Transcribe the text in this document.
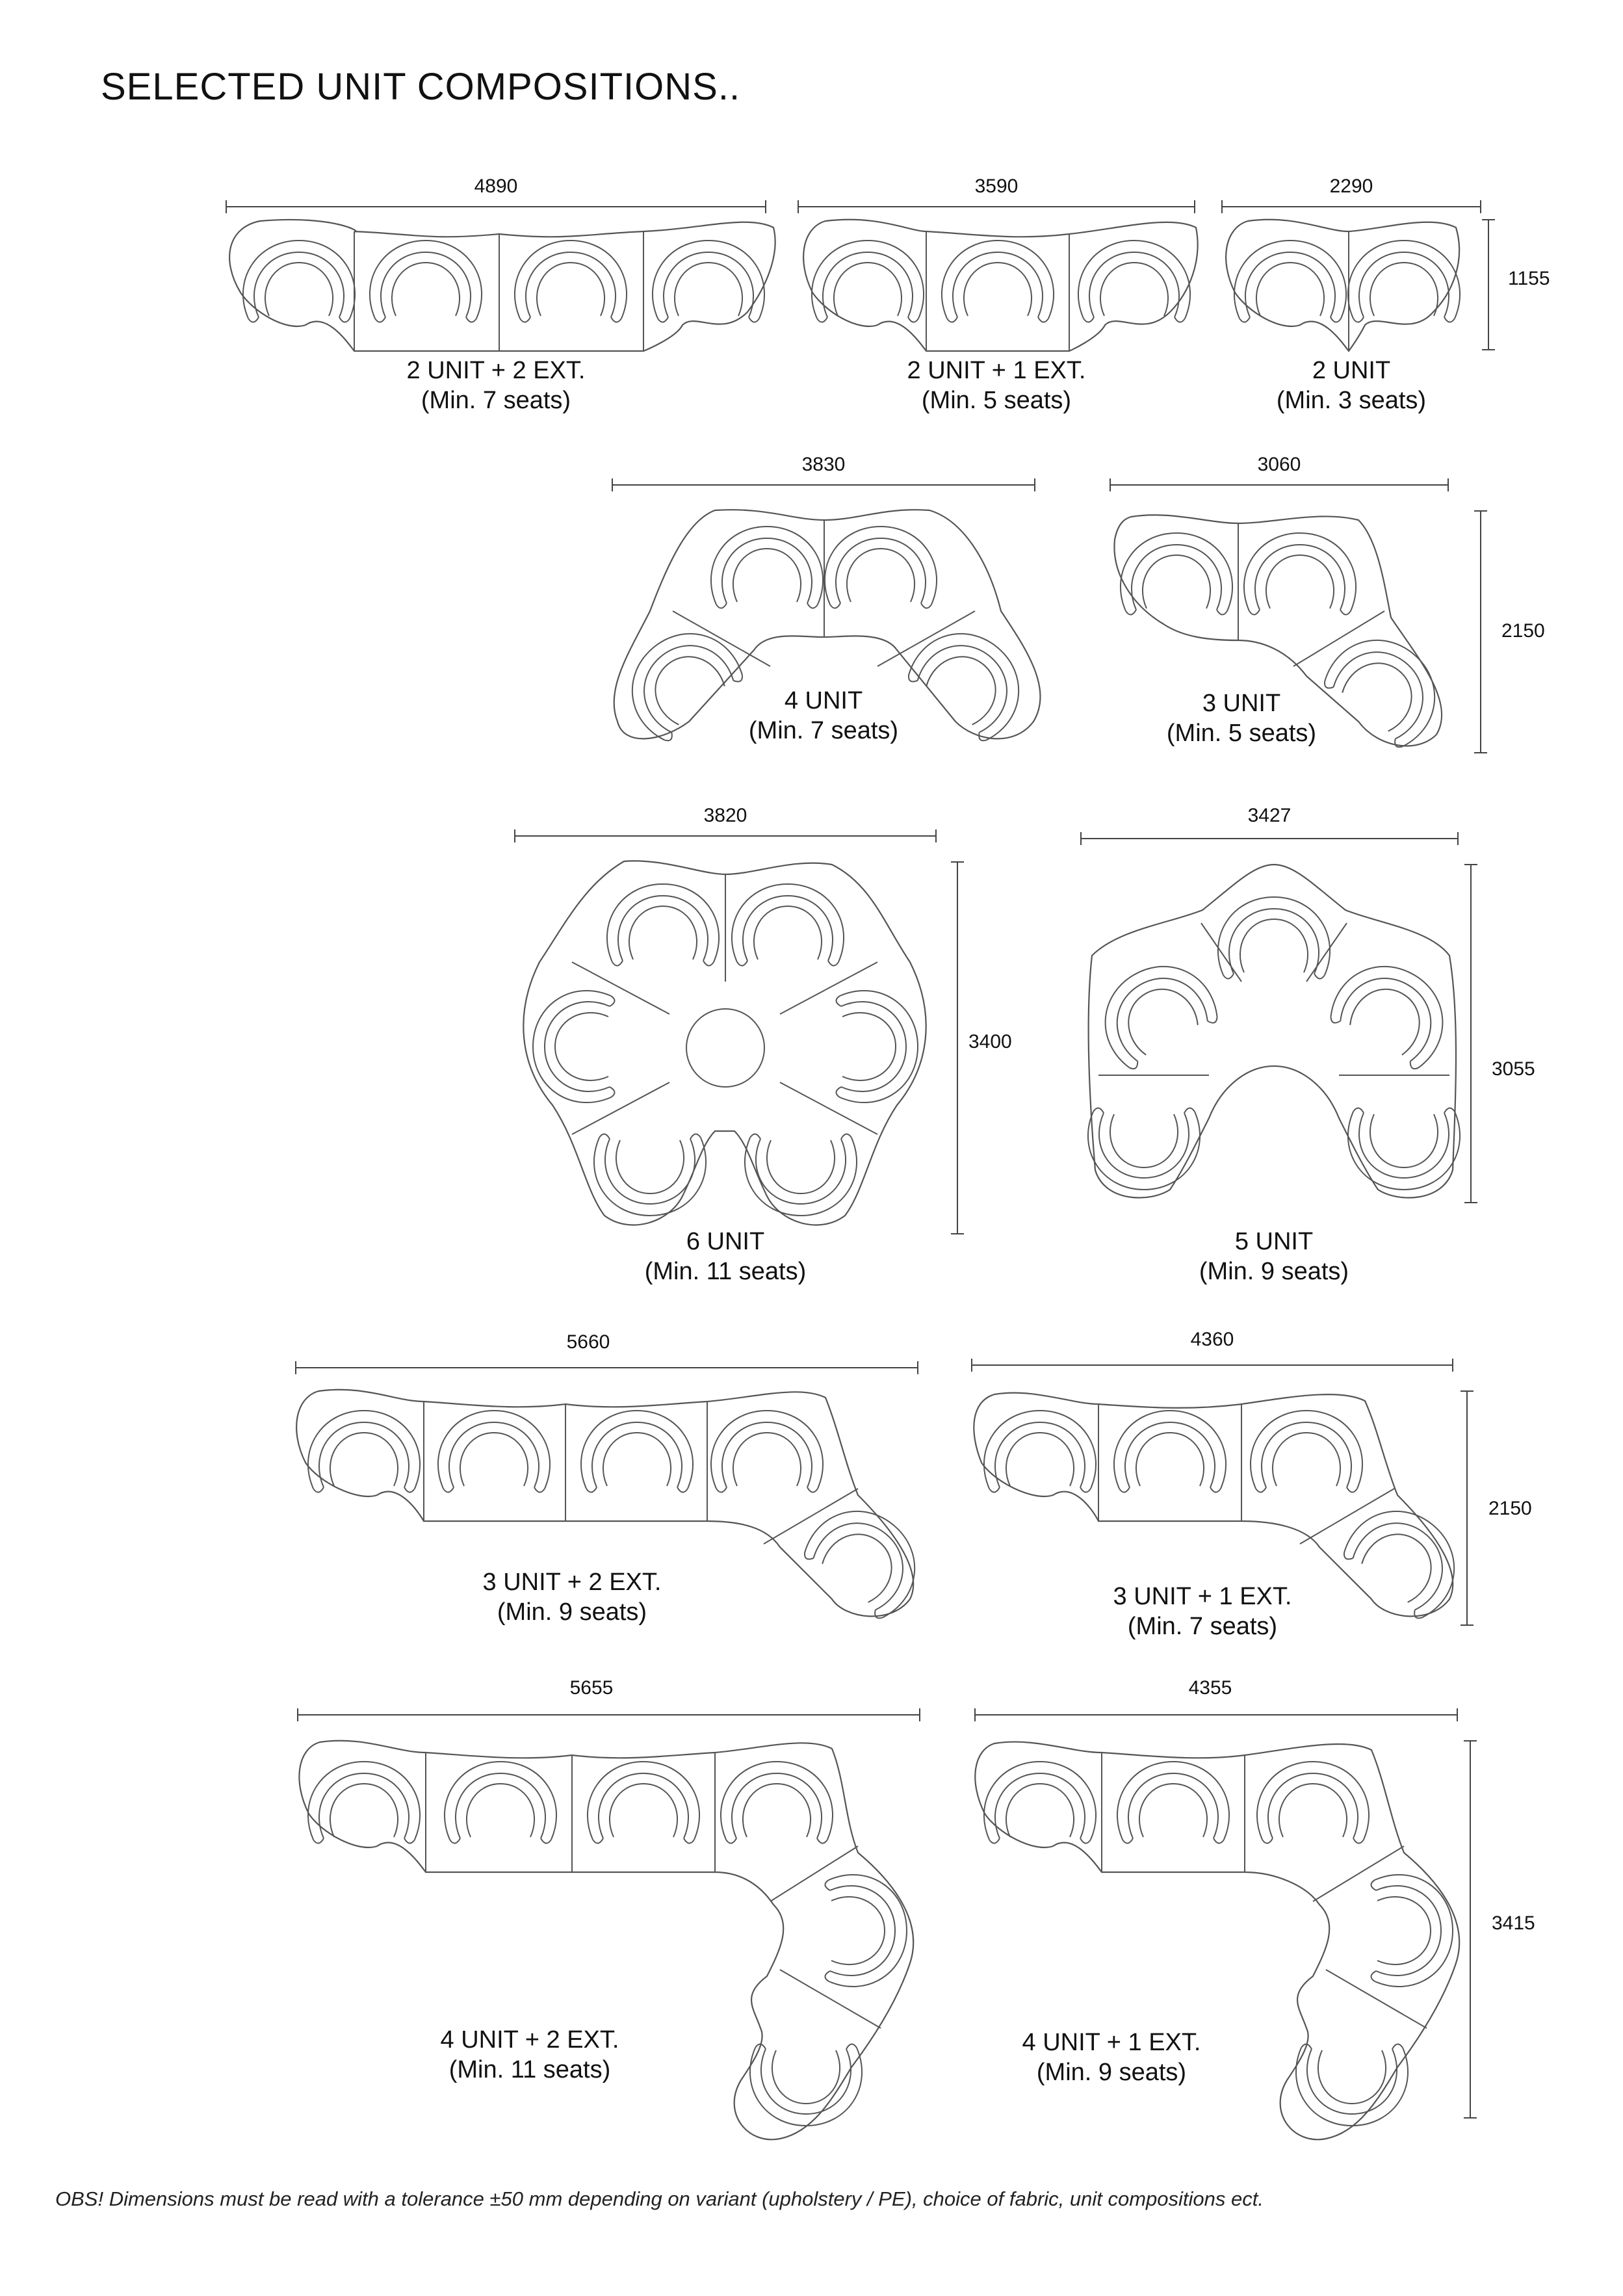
SELECTED UNIT COMPOSITIONS..
4890
2 UNIT + 2 EXT.
(Min. 7 seats)
3590
2 UNIT + 1 EXT.
(Min. 5 seats)
2290
1155
2 UNIT
(Min. 3 seats)
3830
4 UNIT
(Min. 7 seats)
3060
2150
3 UNIT
(Min. 5 seats)
3820
3400
6 UNIT
(Min. 11 seats)
3427
3055
5 UNIT
(Min. 9 seats)
5660
3 UNIT + 2 EXT.
(Min. 9 seats)
4360
2150
3 UNIT + 1 EXT.
(Min. 7 seats)
5655
4 UNIT + 2 EXT.
(Min. 11 seats)
4355
3415
4 UNIT + 1 EXT.
(Min. 9 seats)
OBS! Dimensions must be read with a tolerance ±50 mm depending on variant (upholstery / PE), choice of fabric, unit compositions ect.
